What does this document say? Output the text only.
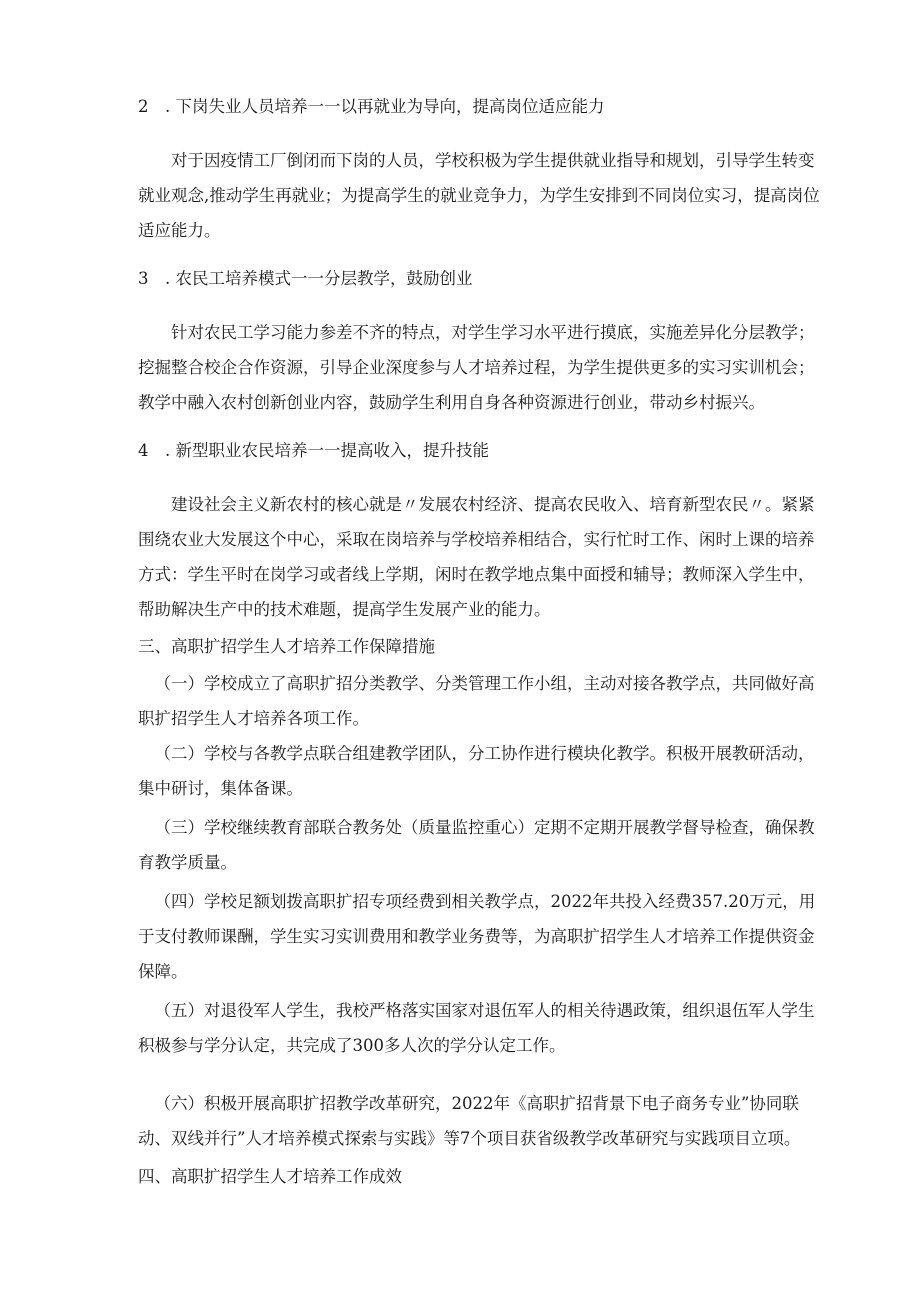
2　. 下岗失业人员培养一一以再就业为导向，提高岗位适应能力

对于因疫情工厂倒闭而下岗的人员，学校积极为学生提供就业指导和规划，引导学生转变就业观念,推动学生再就业；为提高学生的就业竞争力，为学生安排到不同岗位实习，提高岗位适应能力。

3　. 农民工培养模式一一分层教学，鼓励创业

针对农民工学习能力参差不齐的特点，对学生学习水平进行摸底，实施差异化分层教学；挖掘整合校企合作资源，引导企业深度参与人才培养过程，为学生提供更多的实习实训机会；教学中融入农村创新创业内容，鼓励学生利用自身各种资源进行创业，带动乡村振兴。

4　. 新型职业农民培养一一提高收入，提升技能

建设社会主义新农村的核心就是〃发展农村经济、提高农民收入、培育新型农民〃。紧紧围绕农业大发展这个中心，采取在岗培养与学校培养相结合，实行忙时工作、闲时上课的培养方式：学生平时在岗学习或者线上学期，闲时在教学地点集中面授和辅导；教师深入学生中，帮助解决生产中的技术难题，提高学生发展产业的能力。

三、高职扩招学生人才培养工作保障措施

（一）学校成立了高职扩招分类教学、分类管理工作小组，主动对接各教学点，共同做好高职扩招学生人才培养各项工作。

（二）学校与各教学点联合组建教学团队，分工协作进行模块化教学。积极开展教研活动，集中研讨，集体备课。

（三）学校继续教育部联合教务处（质量监控重心）定期不定期开展教学督导检查，确保教育教学质量。

（四）学校足额划拨高职扩招专项经费到相关教学点，2022年共投入经费357.20万元，用于支付教师课酬，学生实习实训费用和教学业务费等，为高职扩招学生人才培养工作提供资金保障。

（五）对退役军人学生，我校严格落实国家对退伍军人的相关待遇政策，组织退伍军人学生积极参与学分认定，共完成了300多人次的学分认定工作。

（六）积极开展高职扩招教学改革研究，2022年《高职扩招背景下电子商务专业”协同联动、双线并行”人才培养模式探索与实践》等7个项目获省级教学改革研究与实践项目立项。

四、高职扩招学生人才培养工作成效
